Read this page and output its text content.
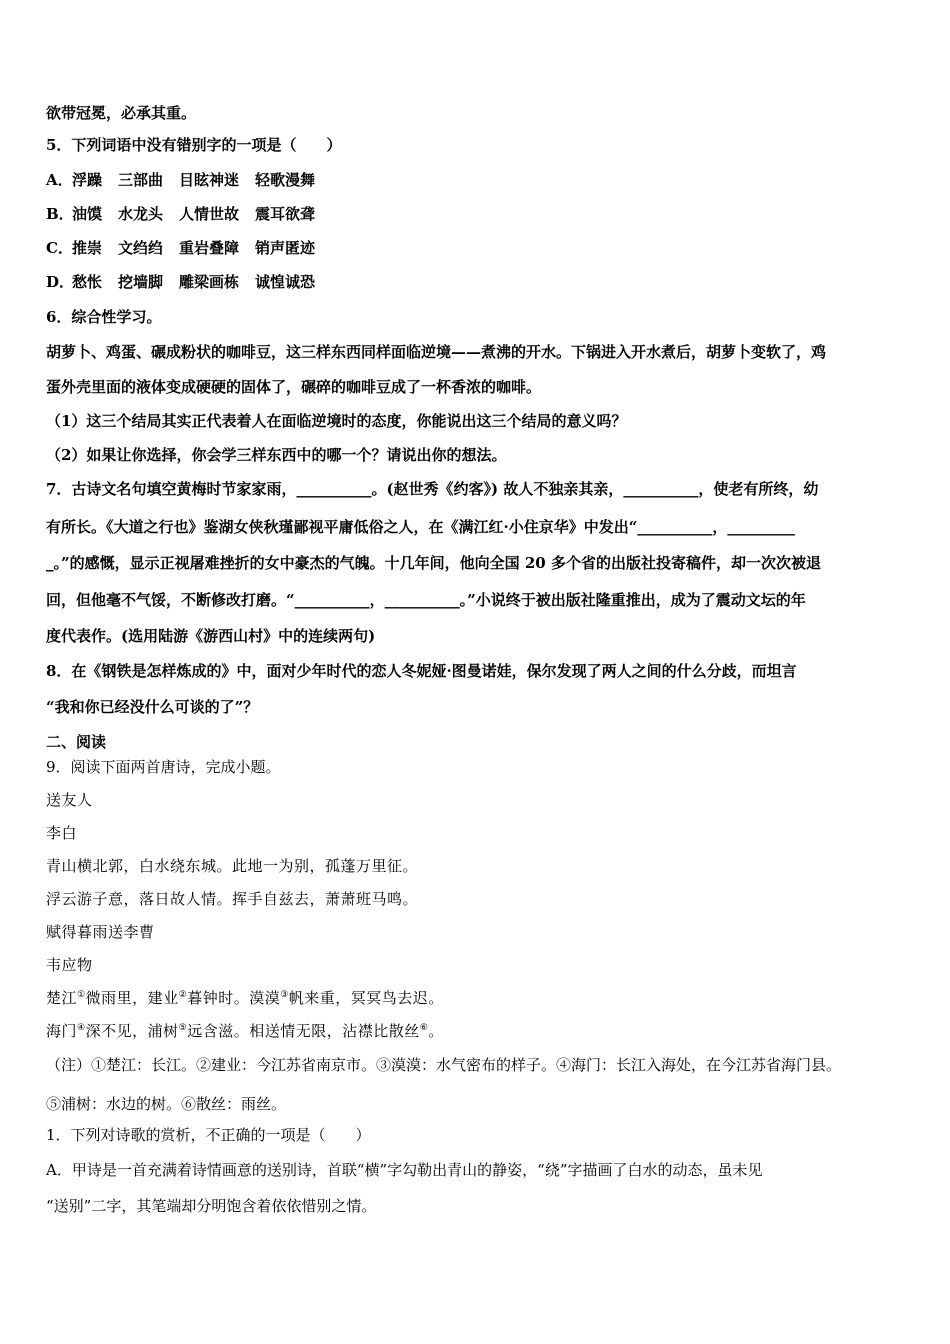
欲带冠冕，必承其重。
5．下列词语中没有错别字的一项是（　　）
A．浮躁 三部曲 目眩神迷 轻歌漫舞
B．油馍 水龙头 人情世故 震耳欲聋
C．推崇 文绉绉 重岩叠障 销声匿迹
D．愁怅 挖墙脚 雕梁画栋 诚惶诚恐
6．综合性学习。
胡萝卜、鸡蛋、碾成粉状的咖啡豆，这三样东西同样面临逆境——煮沸的开水。下锅进入开水煮后，胡萝卜变软了，鸡
蛋外壳里面的液体变成硬硬的固体了，碾碎的咖啡豆成了一杯香浓的咖啡。
（1）这三个结局其实正代表着人在面临逆境时的态度，你能说出这三个结局的意义吗？
（2）如果让你选择，你会学三样东西中的哪一个？请说出你的想法。
7．古诗文名句填空黄梅时节家家雨，__________。(赵世秀《约客》) 故人不独亲其亲，__________，使老有所终，幼
有所长。《大道之行也》鉴湖女侠秋瑾鄙视平庸低俗之人，在《满江红·小住京华》中发出“__________，_________
_。”的感慨，显示正视屠难挫折的女中豪杰的气魄。十几年间，他向全国 20 多个省的出版社投寄稿件，却一次次被退
回，但他毫不气馁，不断修改打磨。“__________，__________。”小说终于被出版社隆重推出，成为了震动文坛的年
度代表作。(选用陆游《游西山村》中的连续两句)
8．在《钢铁是怎样炼成的》中，面对少年时代的恋人冬妮娅·图曼诺娃，保尔发现了两人之间的什么分歧，而坦言
“我和你已经没什么可谈的了”？
二、阅读
9．阅读下面两首唐诗，完成小题。
送友人
李白
青山横北郭，白水绕东城。此地一为别，孤蓬万里征。
浮云游子意，落日故人情。挥手自兹去，萧萧班马鸣。
赋得暮雨送李曹
韦应物
楚江①微雨里，建业②暮钟时。漠漠③帆来重，冥冥鸟去迟。
海门④深不见，浦树⑤远含滋。相送情无限，沾襟比散丝⑥。
（注）①楚江：长江。②建业：今江苏省南京市。③漠漠：水气密布的样子。④海门：长江入海处，在今江苏省海门县。
⑤浦树：水边的树。⑥散丝：雨丝。
1．下列对诗歌的赏析，不正确的一项是（　　）
A．甲诗是一首充满着诗情画意的送别诗，首联“横”字勾勒出青山的静姿，“绕”字描画了白水的动态，虽未见
“送别”二字，其笔端却分明饱含着依依惜别之情。
